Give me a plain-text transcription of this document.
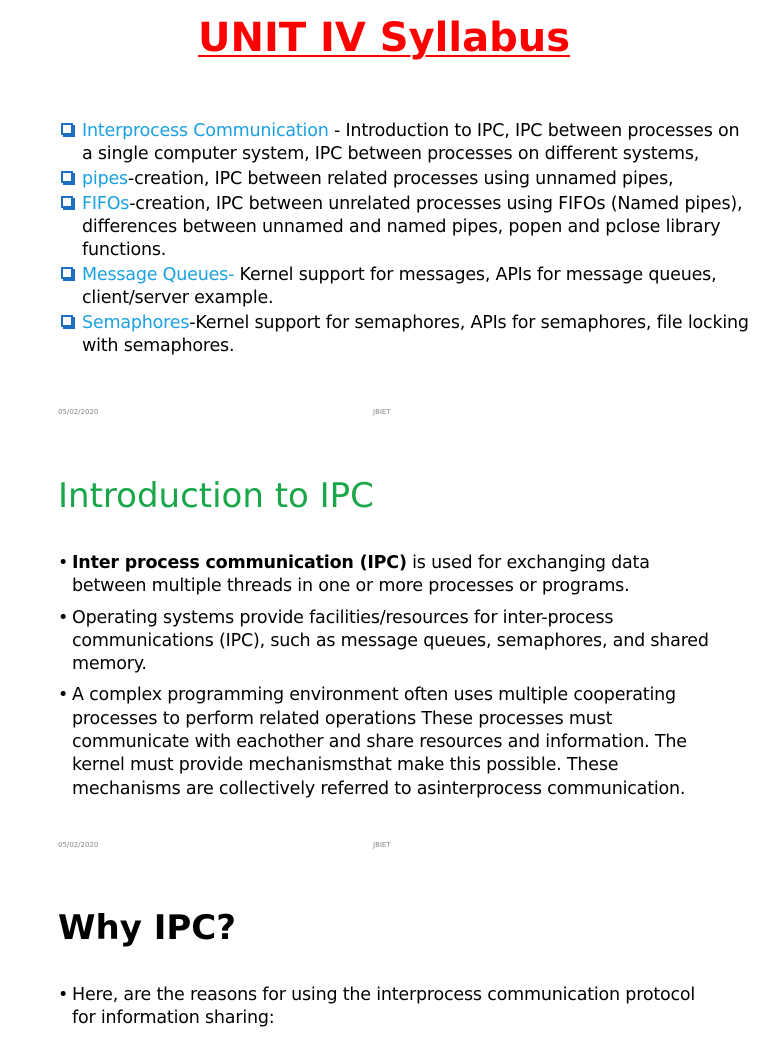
UNIT IV Syllabus
Interprocess Communication - Introduction to IPC, IPC between processes on a single computer system, IPC between processes on different systems,
pipes-creation, IPC between related processes using unnamed pipes,
FIFOs-creation, IPC between unrelated processes using FIFOs (Named pipes), differences between unnamed and named pipes, popen and pclose library functions.
Message Queues- Kernel support for messages, APIs for message queues, client/server example.
Semaphores-Kernel support for semaphores, APIs for semaphores, file locking with semaphores.
05/02/2020	JBIET
Introduction to IPC
• Inter process communication (IPC) is used for exchanging data between multiple threads in one or more processes or programs.
• Operating systems provide facilities/resources for inter-process communications (IPC), such as message queues, semaphores, and shared memory.
• A complex programming environment often uses multiple cooperating processes to perform related operations These processes must communicate with eachother and share resources and information. The kernel must provide mechanismsthat make this possible. These mechanisms are collectively referred to asinterprocess communication.
05/02/2020	JBIET
Why IPC?
• Here, are the reasons for using the interprocess communication protocol for information sharing:
